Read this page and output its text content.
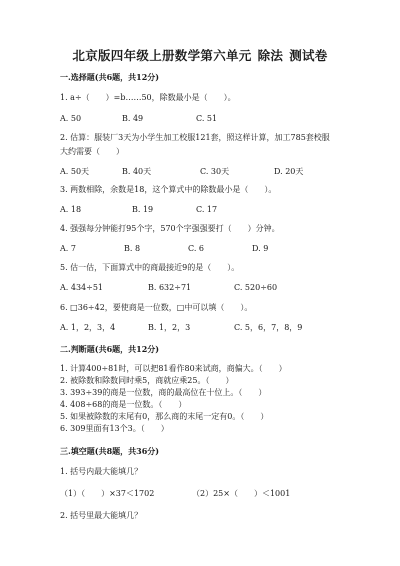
北京版四年级上册数学第六单元 除法 测试卷
一.选择题(共6题，共12分)
1. a÷（　　）=b……50，除数最小是（　　）。
A. 50	B. 49	C. 51
2. 估算：服装厂3天为小学生加工校服121套，照这样计算，加工785套校服
大约需要（　　）
A. 50天	B. 40天	C. 30天	D. 20天
3. 两数相除，余数是18，这个算式中的除数最小是（　　）。
A. 18	B. 19	C. 17
4. 强强每分钟能打95个字，570个字强强要打（　　）分钟。
A. 7	B. 8	C. 6	D. 9
5. 估一估，下面算式中的商最接近9的是（　　）。
A. 434÷51	B. 632÷71	C. 520÷60
6. □36÷42，要使商是一位数，□中可以填（　　）。
A. 1，2，3，4	B. 1，2，3	C. 5，6，7，8，9
二.判断题(共6题，共12分)
1. 计算400÷81时，可以把81看作80来试商，商偏大。（　　）
2. 被除数和除数同时乘5，商就应乘25。（　　）
3. 393÷39的商是一位数，商的最高位在十位上。（　　）
4. 408÷68的商是一位数。（　　）
5. 如果被除数的末尾有0，那么商的末尾一定有0。（　　）
6. 309里面有13个3。（　　）
三.填空题(共8题，共36分)
1. 括号内最大能填几？
（1）（　　）×37＜1702	（2）25×（　　）＜1001
2. 括号里最大能填几？
